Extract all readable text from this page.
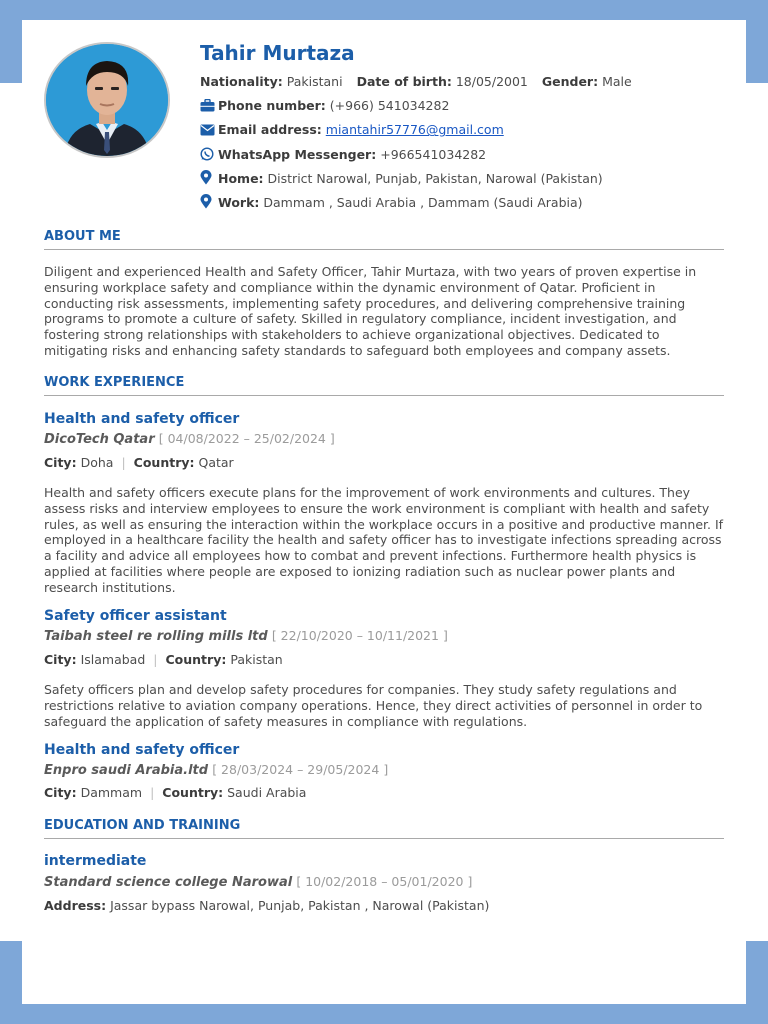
Tahir Murtaza
Nationality: Pakistani Date of birth: 18/05/2001 Gender: Male
Phone number: (+966) 541034282
Email address: miantahir57776@gmail.com
WhatsApp Messenger: +966541034282
Home: District Narowal, Punjab, Pakistan, Narowal (Pakistan)
Work: Dammam , Saudi Arabia , Dammam (Saudi Arabia)
ABOUT ME
Diligent and experienced Health and Safety Officer, Tahir Murtaza, with two years of proven expertise in ensuring workplace safety and compliance within the dynamic environment of Qatar. Proficient in conducting risk assessments, implementing safety procedures, and delivering comprehensive training programs to promote a culture of safety. Skilled in regulatory compliance, incident investigation, and fostering strong relationships with stakeholders to achieve organizational objectives. Dedicated to mitigating risks and enhancing safety standards to safeguard both employees and company assets.
WORK EXPERIENCE
Health and safety officer
DicoTech Qatar [ 04/08/2022 – 25/02/2024 ]
City: Doha | Country: Qatar
Health and safety officers execute plans for the improvement of work environments and cultures. They assess risks and interview employees to ensure the work environment is compliant with health and safety rules, as well as ensuring the interaction within the workplace occurs in a positive and productive manner. If employed in a healthcare facility the health and safety officer has to investigate infections spreading across a facility and advice all employees how to combat and prevent infections. Furthermore health physics is applied at facilities where people are exposed to ionizing radiation such as nuclear power plants and research institutions.
Safety officer assistant
Taibah steel re rolling mills ltd [ 22/10/2020 – 10/11/2021 ]
City: Islamabad | Country: Pakistan
Safety officers plan and develop safety procedures for companies. They study safety regulations and restrictions relative to aviation company operations. Hence, they direct activities of personnel in order to safeguard the application of safety measures in compliance with regulations.
Health and safety officer
Enpro saudi Arabia.ltd [ 28/03/2024 – 29/05/2024 ]
City: Dammam | Country: Saudi Arabia
EDUCATION AND TRAINING
intermediate
Standard science college Narowal [ 10/02/2018 – 05/01/2020 ]
Address: Jassar bypass Narowal, Punjab, Pakistan , Narowal (Pakistan)
